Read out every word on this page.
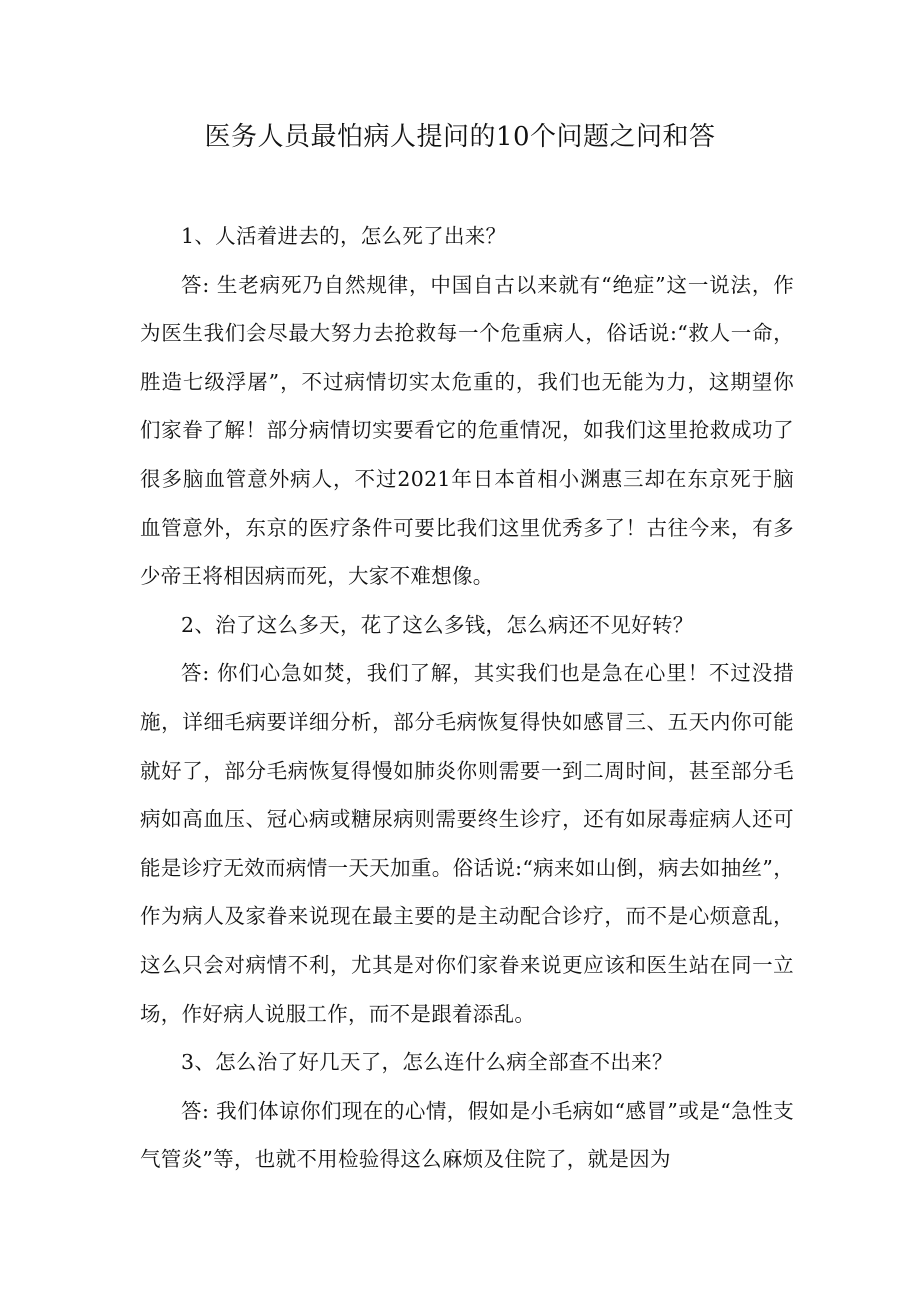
医务人员最怕病人提问的10个问题之问和答

1、人活着进去的，怎么死了出来？

答: 生老病死乃自然规律，中国自古以来就有“绝症”这一说法，作为医生我们会尽最大努力去抢救每一个危重病人，俗话说:“救人一命，胜造七级浮屠”，不过病情切实太危重的，我们也无能为力，这期望你们家眷了解！部分病情切实要看它的危重情况，如我们这里抢救成功了很多脑血管意外病人，不过2021年日本首相小渊惠三却在东京死于脑血管意外，东京的医疗条件可要比我们这里优秀多了！古往今来，有多少帝王将相因病而死，大家不难想像。

2、治了这么多天，花了这么多钱，怎么病还不见好转？

答: 你们心急如焚，我们了解，其实我们也是急在心里！不过没措施，详细毛病要详细分析，部分毛病恢复得快如感冒三、五天内你可能就好了，部分毛病恢复得慢如肺炎你则需要一到二周时间，甚至部分毛病如高血压、冠心病或糖尿病则需要终生诊疗，还有如尿毒症病人还可能是诊疗无效而病情一天天加重。俗话说:“病来如山倒，病去如抽丝”，作为病人及家眷来说现在最主要的是主动配合诊疗，而不是心烦意乱，这么只会对病情不利，尤其是对你们家眷来说更应该和医生站在同一立场，作好病人说服工作，而不是跟着添乱。

3、怎么治了好几天了，怎么连什么病全部查不出来？

答: 我们体谅你们现在的心情，假如是小毛病如“感冒”或是“急性支气管炎”等，也就不用检验得这么麻烦及住院了，就是因为
